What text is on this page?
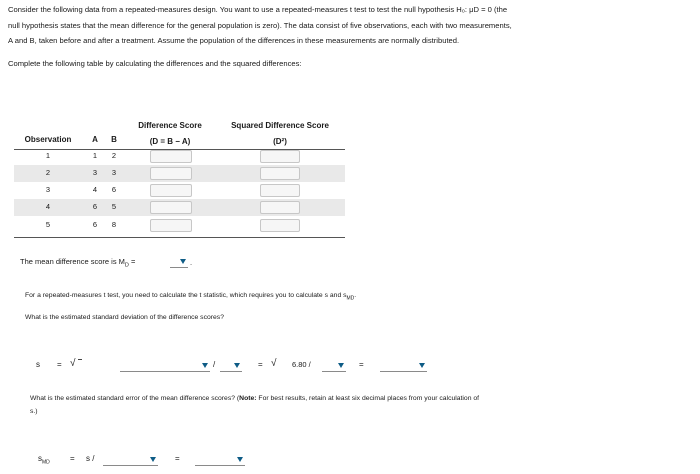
Consider the following data from a repeated-measures design. You want to use a repeated-measures t test to test the null hypothesis H₀: μD = 0 (the

null hypothesis states that the mean difference for the general population is zero). The data consist of five observations, each with two measurements,

A and B, taken before and after a treatment. Assume the population of the differences in these measurements are normally distributed.

Complete the following table by calculating the differences and the squared differences:

Difference Score
(D = B − A)
Squared Difference Score
(D²)
Observation	A	B
1	1	2
2	3	3
3	4	6
4	6	5
5	6	8
The mean difference score is $M_D$ =	.
For a repeated-measures t test, you need to calculate the t statistic, which requires you to calculate s and $s_{MD}$.
What is the estimated standard deviation of the difference scores?
s = √	/	= √ 6.80 /	=
What is the estimated standard error of the mean difference scores? (Note: For best results, retain at least six decimal places from your calculation of
s.)
$s_{MD}$	= s /	=
